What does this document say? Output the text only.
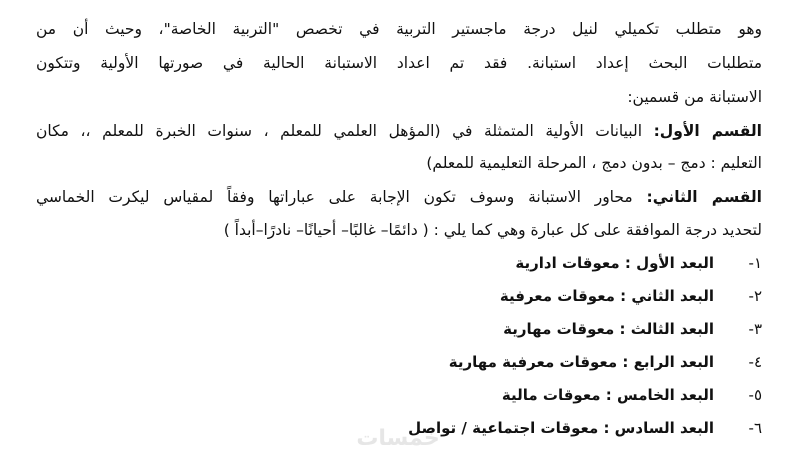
وهو متطلب تكميلي لنيل درجة ماجستير التربية في تخصص "التربية الخاصة"، وحيث أن من
متطلبات البحث إعداد استبانة. فقد تم اعداد الاستبانة الحالية في صورتها الأولية وتتكون
الاستبانة من قسمين:
القسم الأول: البيانات الأولية المتمثلة في (المؤهل العلمي للمعلم ، سنوات الخبرة للمعلم ،، مكان
التعليم : دمج – بدون دمج ، المرحلة التعليمية للمعلم)
القسم الثاني: محاور الاستبانة وسوف تكون الإجابة على عباراتها وفقاً لمقياس ليكرت الخماسي
لتحديد درجة الموافقة على كل عبارة وهي كما يلي : ( دائمًا– غالبًا– أحيانًا– نادرًا–أبداً )
١-
البعد الأول : معوقات ادارية
٢-
البعد الثاني : معوقات معرفية
٣-
البعد الثالث : معوقات مهارية
٤-
البعد الرابع : معوقات معرفية مهارية
٥-
البعد الخامس : معوقات مالية
٦-
البعد السادس : معوقات اجتماعية / تواصل
خمسات
